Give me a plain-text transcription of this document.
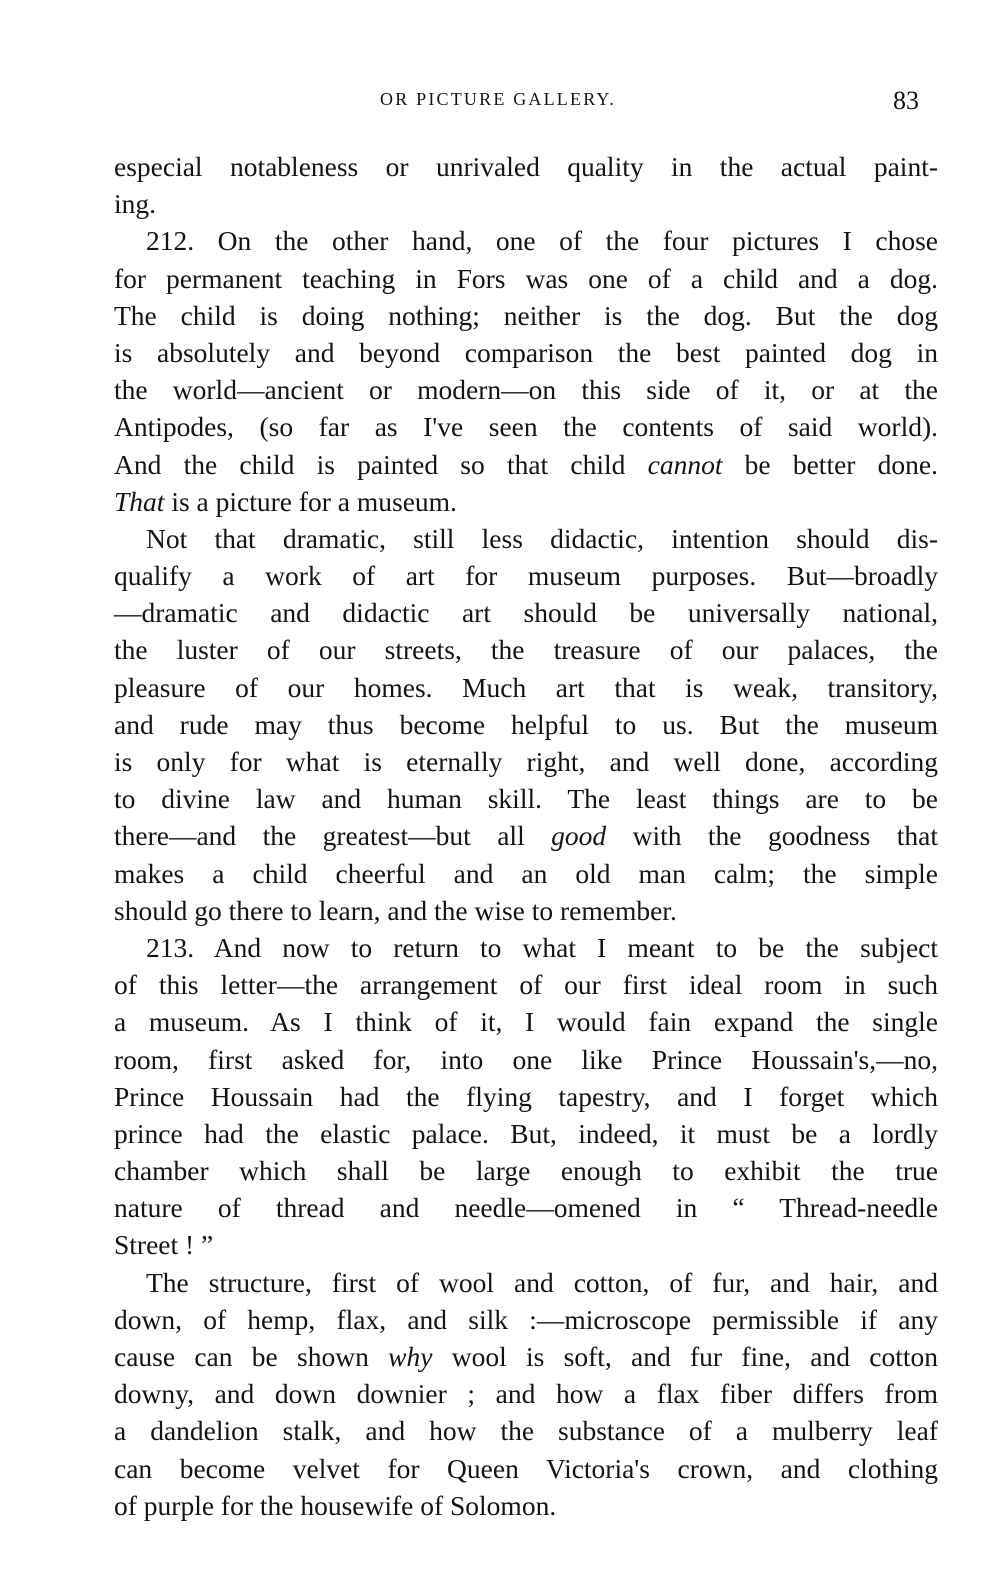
OR PICTURE GALLERY.	83
especial notableness or unrivaled quality in the actual paint-
ing.
212. On the other hand, one of the four pictures I chose
for permanent teaching in Fors was one of a child and a dog.
The child is doing nothing; neither is the dog. But the dog
is absolutely and beyond comparison the best painted dog in
the world—ancient or modern—on this side of it, or at the
Antipodes, (so far as I've seen the contents of said world).
And the child is painted so that child cannot be better done.
That is a picture for a museum.
Not that dramatic, still less didactic, intention should dis-
qualify a work of art for museum purposes. But—broadly
—dramatic and didactic art should be universally national,
the luster of our streets, the treasure of our palaces, the
pleasure of our homes. Much art that is weak, transitory,
and rude may thus become helpful to us. But the museum
is only for what is eternally right, and well done, according
to divine law and human skill. The least things are to be
there—and the greatest—but all good with the goodness that
makes a child cheerful and an old man calm; the simple
should go there to learn, and the wise to remember.
213. And now to return to what I meant to be the subject
of this letter—the arrangement of our first ideal room in such
a museum. As I think of it, I would fain expand the single
room, first asked for, into one like Prince Houssain's,—no,
Prince Houssain had the flying tapestry, and I forget which
prince had the elastic palace. But, indeed, it must be a lordly
chamber which shall be large enough to exhibit the true
nature of thread and needle—omened in “ Thread-needle
Street ! ”
The structure, first of wool and cotton, of fur, and hair, and
down, of hemp, flax, and silk :—microscope permissible if any
cause can be shown why wool is soft, and fur fine, and cotton
downy, and down downier ; and how a flax fiber differs from
a dandelion stalk, and how the substance of a mulberry leaf
can become velvet for Queen Victoria's crown, and clothing
of purple for the housewife of Solomon.
